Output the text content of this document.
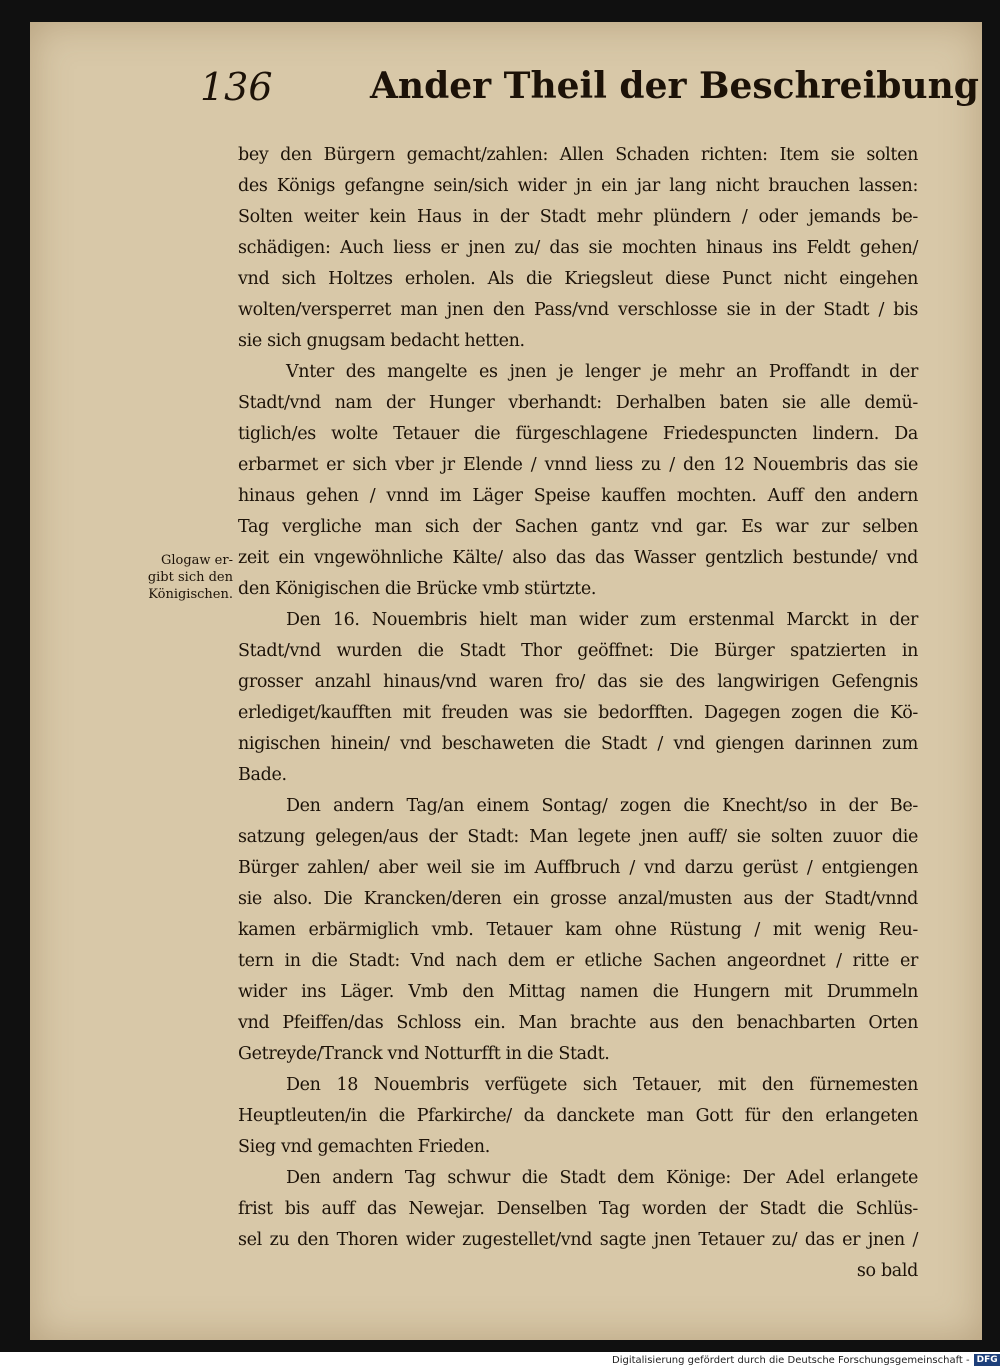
136	Ander Theil der Beschreibung
Glogaw er-
gibt sich den
Königischen.
bey den Bürgern gemacht/zahlen: Allen Schaden richten: Item sie solten
des Königs gefangne sein/sich wider jn ein jar lang nicht brauchen lassen:
Solten weiter kein Haus in der Stadt mehr plündern / oder jemands be-
schädigen: Auch liess er jnen zu/ das sie mochten hinaus ins Feldt gehen/
vnd sich Holtzes erholen. Als die Kriegsleut diese Punct nicht eingehen
wolten/versperret man jnen den Pass/vnd verschlosse sie in der Stadt / bis
sie sich gnugsam bedacht hetten.
Vnter des mangelte es jnen je lenger je mehr an Proffandt in der
Stadt/vnd nam der Hunger vberhandt: Derhalben baten sie alle demü-
tiglich/es wolte Tetauer die fürgeschlagene Friedespuncten lindern. Da
erbarmet er sich vber jr Elende / vnnd liess zu / den 12 Nouembris das sie
hinaus gehen / vnnd im Läger Speise kauffen mochten. Auff den andern
Tag vergliche man sich der Sachen gantz vnd gar. Es war zur selben
zeit ein vngewöhnliche Kälte/ also das das Wasser gentzlich bestunde/ vnd
den Königischen die Brücke vmb stürtzte.
Den 16. Nouembris hielt man wider zum erstenmal Marckt in der
Stadt/vnd wurden die Stadt Thor geöffnet: Die Bürger spatzierten in
grosser anzahl hinaus/vnd waren fro/ das sie des langwirigen Gefengnis
erlediget/kaufften mit freuden was sie bedorfften. Dagegen zogen die Kö-
nigischen hinein/ vnd beschaweten die Stadt / vnd giengen darinnen zum
Bade.
Den andern Tag/an einem Sontag/ zogen die Knecht/so in der Be-
satzung gelegen/aus der Stadt: Man legete jnen auff/ sie solten zuuor die
Bürger zahlen/ aber weil sie im Auffbruch / vnd darzu gerüst / entgiengen
sie also. Die Krancken/deren ein grosse anzal/musten aus der Stadt/vnnd
kamen erbärmiglich vmb. Tetauer kam ohne Rüstung / mit wenig Reu-
tern in die Stadt: Vnd nach dem er etliche Sachen angeordnet / ritte er
wider ins Läger. Vmb den Mittag namen die Hungern mit Drummeln
vnd Pfeiffen/das Schloss ein. Man brachte aus den benachbarten Orten
Getreyde/Tranck vnd Notturfft in die Stadt.
Den 18 Nouembris verfügete sich Tetauer, mit den fürnemesten
Heuptleuten/in die Pfarkirche/ da danckete man Gott für den erlangeten
Sieg vnd gemachten Frieden.
Den andern Tag schwur die Stadt dem Könige: Der Adel erlangete
frist bis auff das Newejar. Denselben Tag worden der Stadt die Schlüs-
sel zu den Thoren wider zugestellet/vnd sagte jnen Tetauer zu/ das er jnen /
so bald
Digitalisierung gefördert durch die Deutsche Forschungsgemeinschaft - DFG
